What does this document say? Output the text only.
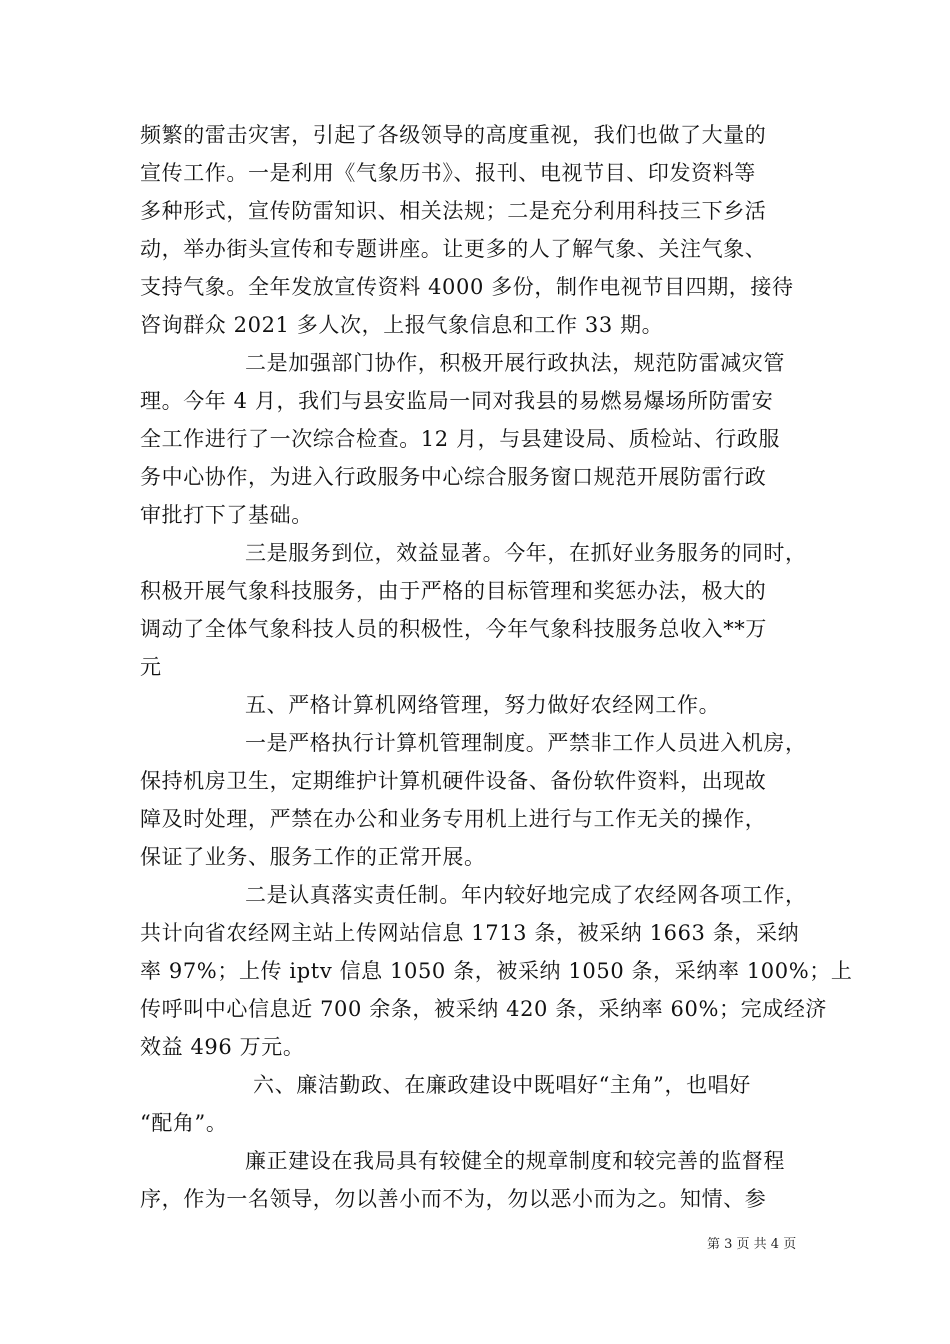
频繁的雷击灾害，引起了各级领导的高度重视，我们也做了大量的
宣传工作。一是利用《气象历书》、报刊、电视节目、印发资料等
多种形式，宣传防雷知识、相关法规；二是充分利用科技三下乡活
动，举办街头宣传和专题讲座。让更多的人了解气象、关注气象、
支持气象。全年发放宣传资料 4000 多份，制作电视节目四期，接待
咨询群众 2021 多人次，上报气象信息和工作 33 期。
二是加强部门协作，积极开展行政执法，规范防雷减灾管
理。今年 4 月，我们与县安监局一同对我县的易燃易爆场所防雷安
全工作进行了一次综合检查。12 月，与县建设局、质检站、行政服
务中心协作，为进入行政服务中心综合服务窗口规范开展防雷行政
审批打下了基础。
三是服务到位，效益显著。今年，在抓好业务服务的同时，
积极开展气象科技服务，由于严格的目标管理和奖惩办法，极大的
调动了全体气象科技人员的积极性，今年气象科技服务总收入**万
元
五、严格计算机网络管理，努力做好农经网工作。
一是严格执行计算机管理制度。严禁非工作人员进入机房，
保持机房卫生，定期维护计算机硬件设备、备份软件资料，出现故
障及时处理，严禁在办公和业务专用机上进行与工作无关的操作，
保证了业务、服务工作的正常开展。
二是认真落实责任制。年内较好地完成了农经网各项工作，
共计向省农经网主站上传网站信息 1713 条，被采纳 1663 条，采纳
率 97%；上传 iptv 信息 1050 条，被采纳 1050 条，采纳率 100%；上
传呼叫中心信息近 700 余条，被采纳 420 条，采纳率 60%；完成经济
效益 496 万元。
六、廉洁勤政、在廉政建设中既唱好“主角”，也唱好
“配角”。
廉正建设在我局具有较健全的规章制度和较完善的监督程
序，作为一名领导，勿以善小而不为，勿以恶小而为之。知情、参
第 3 页 共 4 页
